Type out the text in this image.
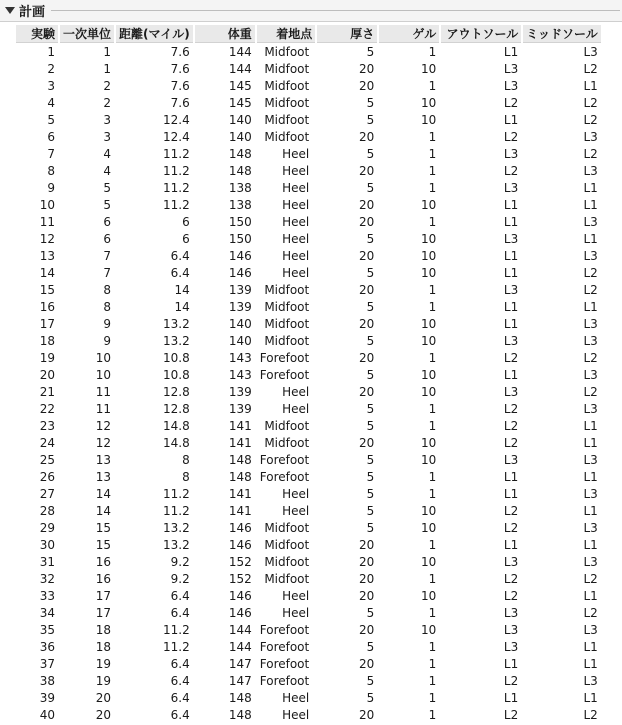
計画
実験	一次単位	距離(マイル)	体重	着地点	厚さ	ゲル	アウトソール	ミッドソール
1	1	7.6	144	Midfoot	5	1	L1	L3
2	1	7.6	144	Midfoot	20	10	L3	L2
3	2	7.6	145	Midfoot	20	1	L3	L1
4	2	7.6	145	Midfoot	5	10	L2	L2
5	3	12.4	140	Midfoot	5	10	L1	L2
6	3	12.4	140	Midfoot	20	1	L2	L3
7	4	11.2	148	Heel	5	1	L3	L2
8	4	11.2	148	Heel	20	1	L2	L3
9	5	11.2	138	Heel	5	1	L3	L1
10	5	11.2	138	Heel	20	10	L1	L1
11	6	6	150	Heel	20	1	L1	L3
12	6	6	150	Heel	5	10	L3	L1
13	7	6.4	146	Heel	20	10	L1	L3
14	7	6.4	146	Heel	5	10	L1	L2
15	8	14	139	Midfoot	20	1	L3	L2
16	8	14	139	Midfoot	5	1	L1	L1
17	9	13.2	140	Midfoot	20	10	L1	L3
18	9	13.2	140	Midfoot	5	10	L3	L3
19	10	10.8	143	Forefoot	20	1	L2	L2
20	10	10.8	143	Forefoot	5	10	L1	L3
21	11	12.8	139	Heel	20	10	L3	L2
22	11	12.8	139	Heel	5	1	L2	L3
23	12	14.8	141	Midfoot	5	1	L2	L1
24	12	14.8	141	Midfoot	20	10	L2	L1
25	13	8	148	Forefoot	5	10	L3	L3
26	13	8	148	Forefoot	5	1	L1	L1
27	14	11.2	141	Heel	5	1	L1	L3
28	14	11.2	141	Heel	5	10	L2	L1
29	15	13.2	146	Midfoot	5	10	L2	L3
30	15	13.2	146	Midfoot	20	1	L1	L1
31	16	9.2	152	Midfoot	20	10	L3	L3
32	16	9.2	152	Midfoot	20	1	L2	L2
33	17	6.4	146	Heel	20	10	L2	L1
34	17	6.4	146	Heel	5	1	L3	L2
35	18	11.2	144	Forefoot	20	10	L3	L3
36	18	11.2	144	Forefoot	5	1	L3	L1
37	19	6.4	147	Forefoot	20	1	L1	L1
38	19	6.4	147	Forefoot	5	1	L2	L3
39	20	6.4	148	Heel	5	1	L1	L1
40	20	6.4	148	Heel	20	1	L2	L2
